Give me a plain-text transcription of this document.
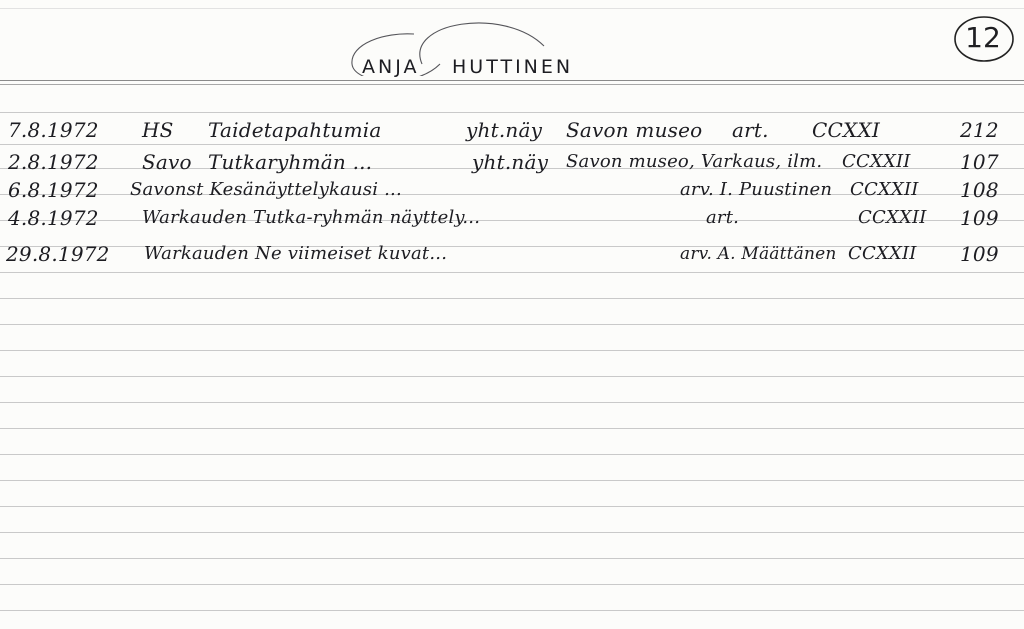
12
ANJA HUTTINEN
7.8.1972 HS Taidetapahtumia	yht.näy Savon museo art. CCXXI	212
2.8.1972 Savo Tutkaryhmän ...	yht.näy Savon museo, Varkaus, ilm. CCXXII 107
6.8.1972 Savonst Kesänäyttelykausi ...	arv. I. Puustinen CCXXII 108
4.8.1972 Warkauden Tutka-ryhmän näyttely...	art.	CCXXII 109
29.8.1972 Warkauden Ne viimeiset kuvat...	arv. A. Määttänen CCXXII 109
